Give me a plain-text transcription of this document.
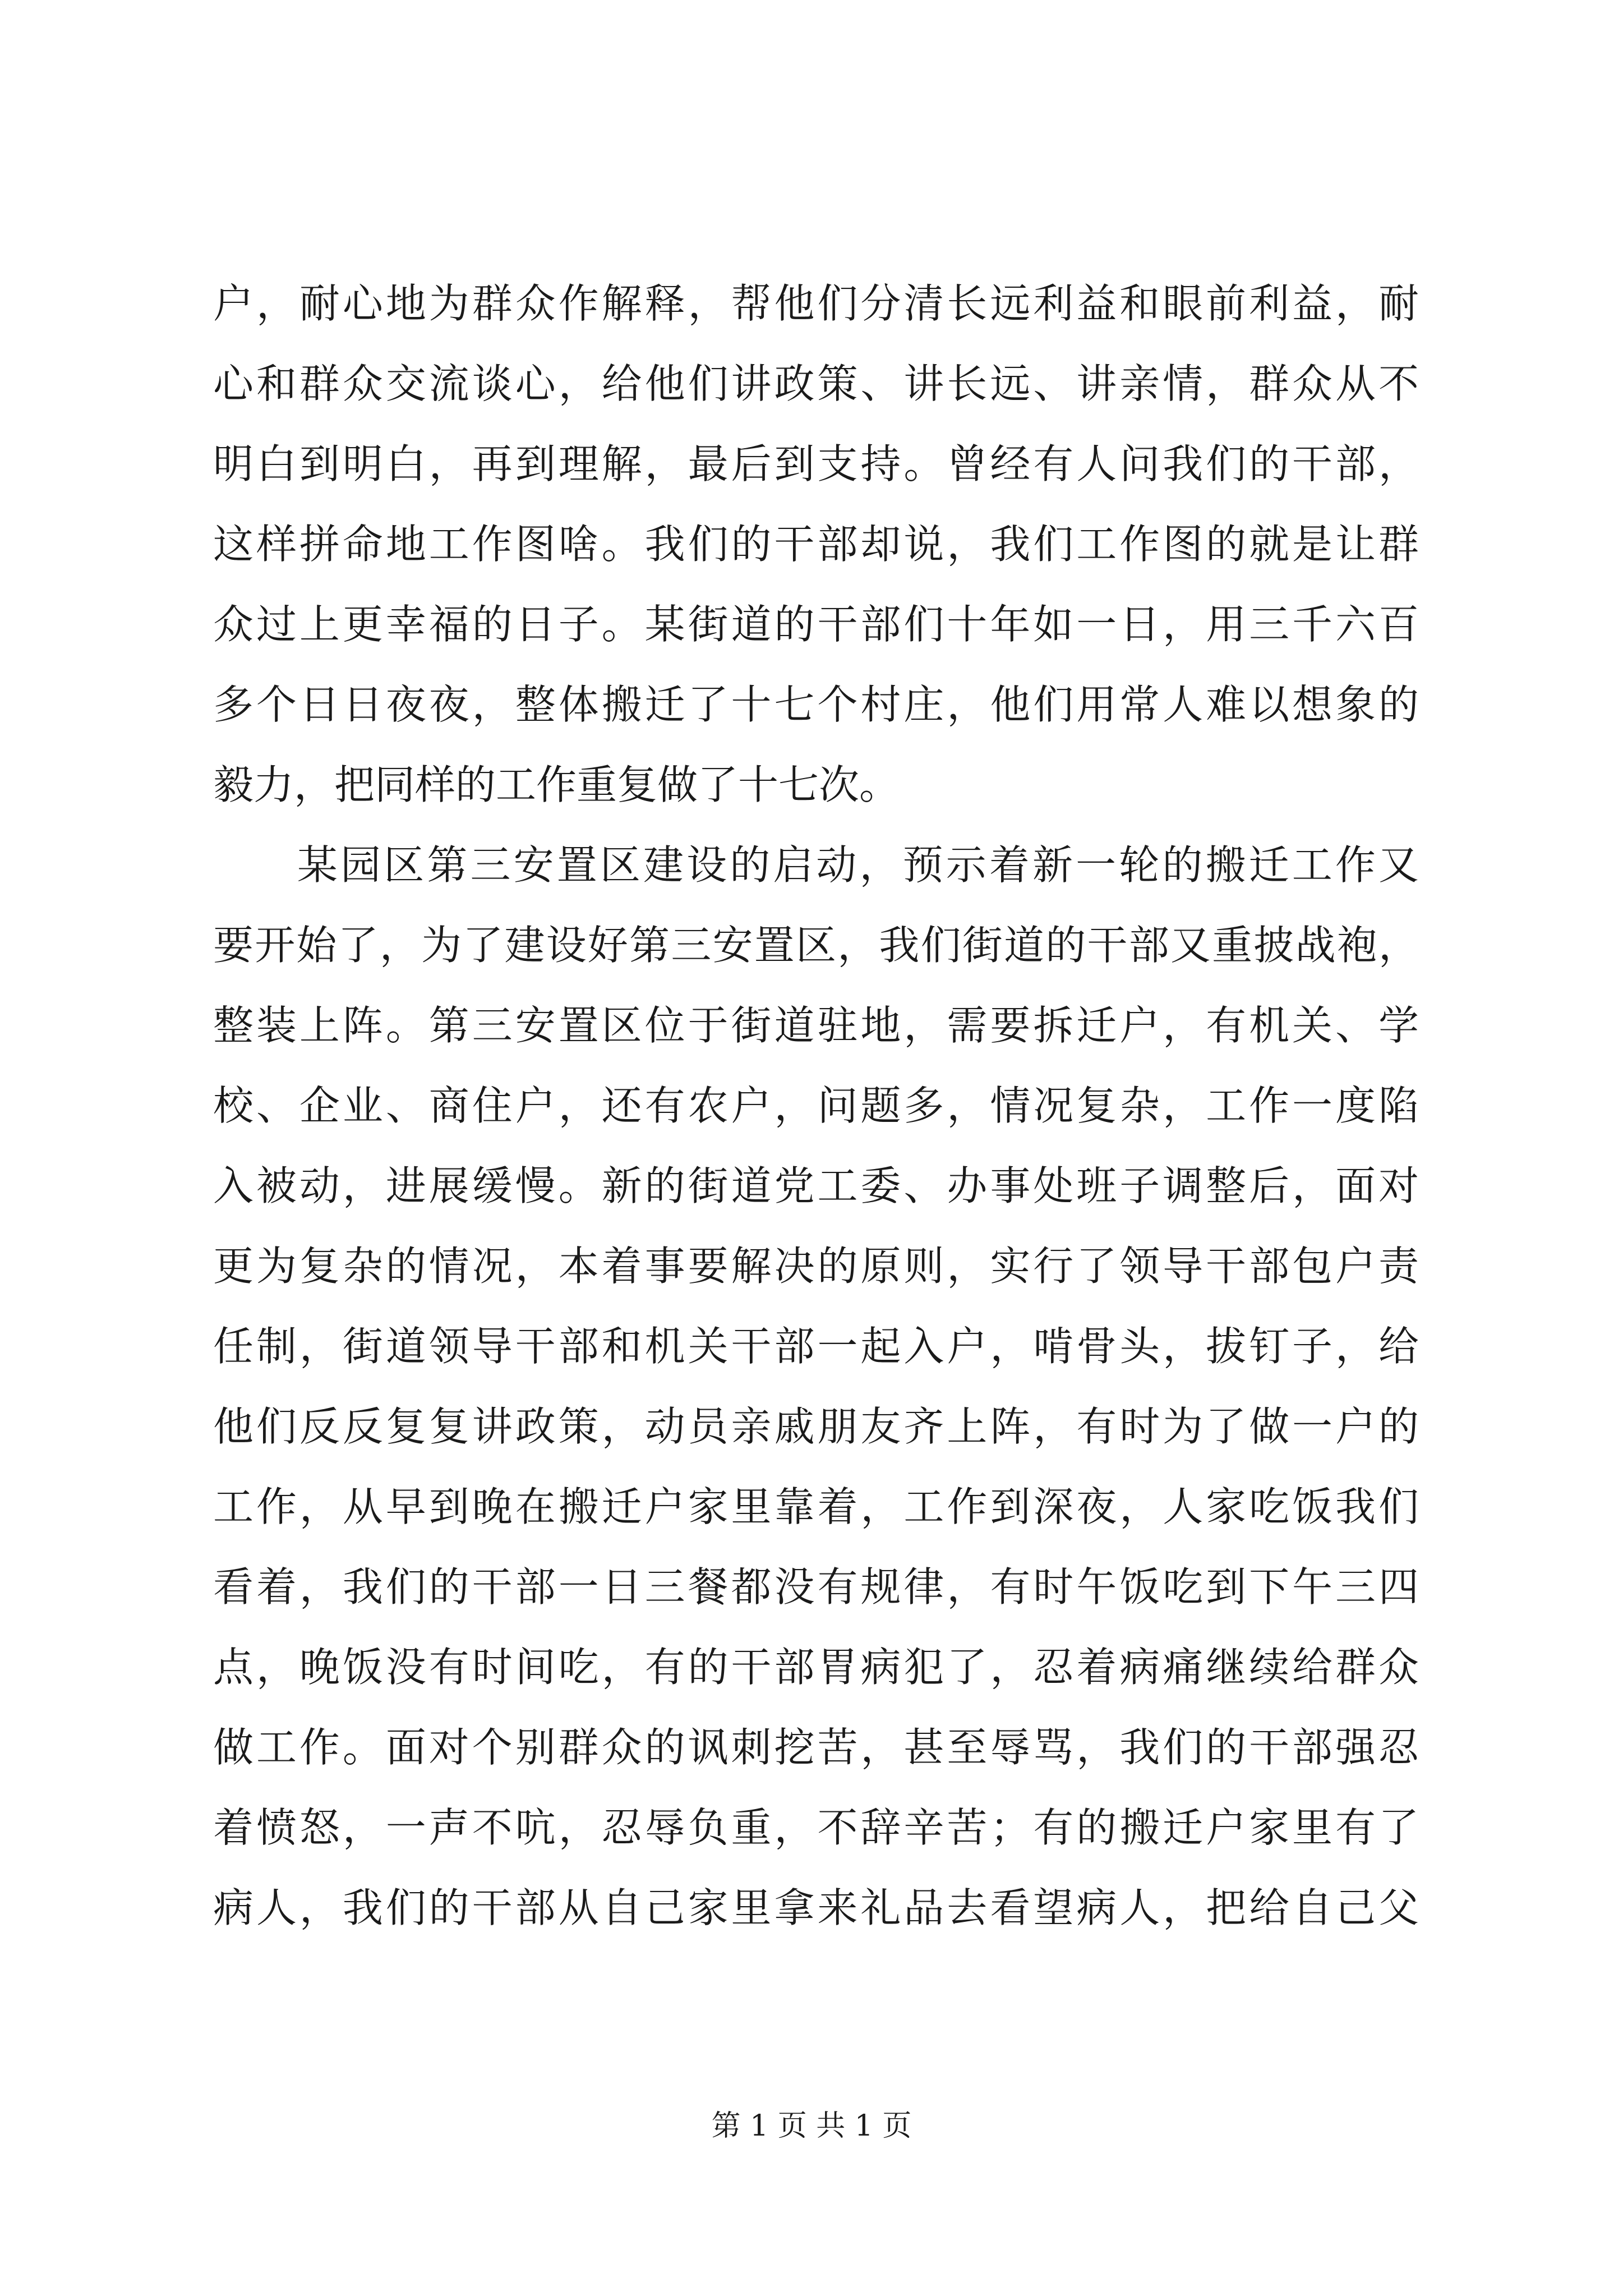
户，耐心地为群众作解释，帮他们分清长远利益和眼前利益，耐
心和群众交流谈心，给他们讲政策、讲长远、讲亲情，群众从不
明白到明白，再到理解，最后到支持。曾经有人问我们的干部，
这样拼命地工作图啥。我们的干部却说，我们工作图的就是让群
众过上更幸福的日子。某街道的干部们十年如一日，用三千六百
多个日日夜夜，整体搬迁了十七个村庄，他们用常人难以想象的
毅力，把同样的工作重复做了十七次。
某园区第三安置区建设的启动，预示着新一轮的搬迁工作又
要开始了，为了建设好第三安置区，我们街道的干部又重披战袍，
整装上阵。第三安置区位于街道驻地，需要拆迁户，有机关、学
校、企业、商住户，还有农户，问题多，情况复杂，工作一度陷
入被动，进展缓慢。新的街道党工委、办事处班子调整后，面对
更为复杂的情况，本着事要解决的原则，实行了领导干部包户责
任制，街道领导干部和机关干部一起入户，啃骨头，拔钉子，给
他们反反复复讲政策，动员亲戚朋友齐上阵，有时为了做一户的
工作，从早到晚在搬迁户家里靠着，工作到深夜，人家吃饭我们
看着，我们的干部一日三餐都没有规律，有时午饭吃到下午三四
点，晚饭没有时间吃，有的干部胃病犯了，忍着病痛继续给群众
做工作。面对个别群众的讽刺挖苦，甚至辱骂，我们的干部强忍
着愤怒，一声不吭，忍辱负重，不辞辛苦；有的搬迁户家里有了
病人，我们的干部从自己家里拿来礼品去看望病人，把给自己父
第 1 页 共 1 页
